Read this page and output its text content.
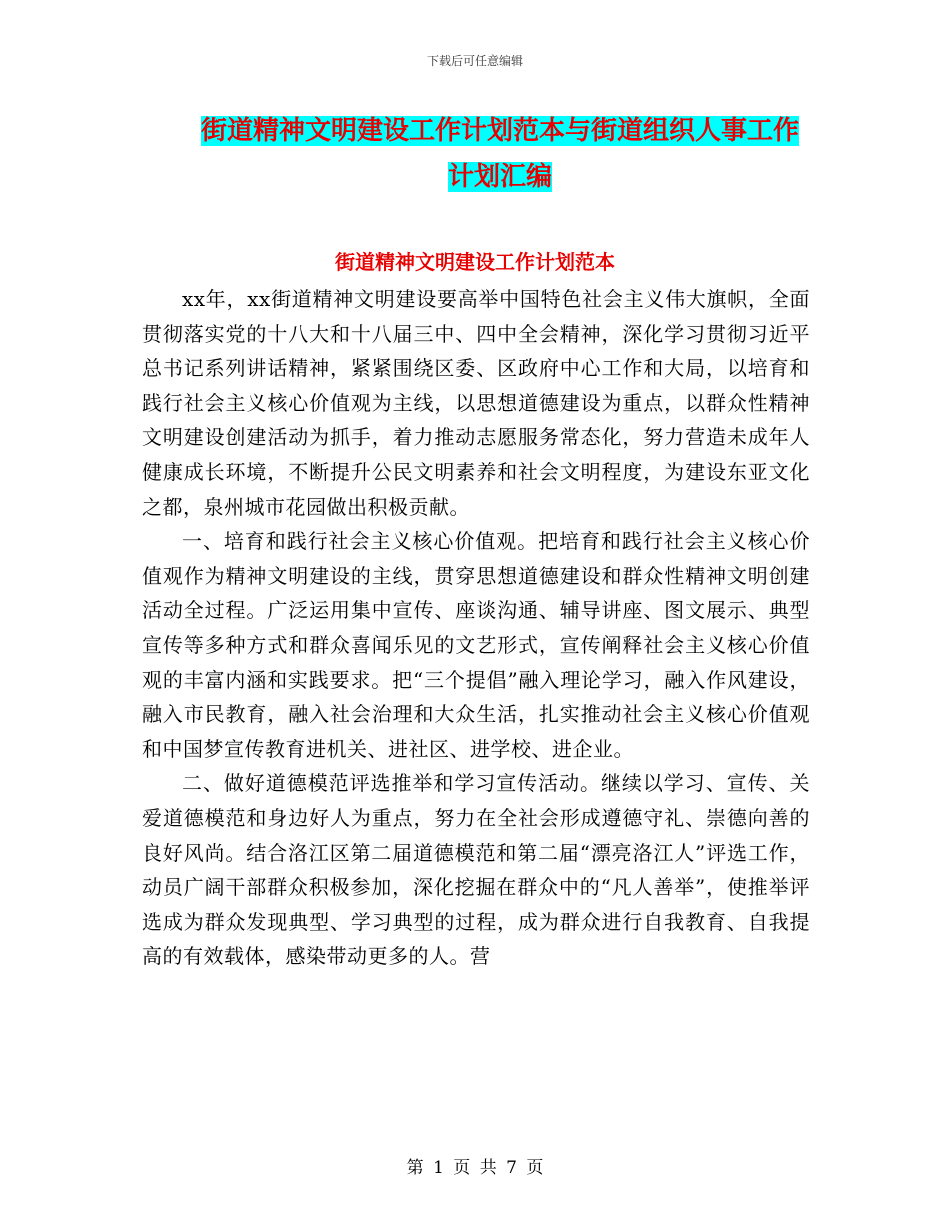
下载后可任意编辑
街道精神文明建设工作计划范本与街道组织人事工作计划汇编
街道精神文明建设工作计划范本

xx年，xx街道精神文明建设要高举中国特色社会主义伟大旗帜，全面贯彻落实党的十八大和十八届三中、四中全会精神，深化学习贯彻习近平总书记系列讲话精神，紧紧围绕区委、区政府中心工作和大局，以培育和践行社会主义核心价值观为主线，以思想道德建设为重点，以群众性精神文明建设创建活动为抓手，着力推动志愿服务常态化，努力营造未成年人健康成长环境，不断提升公民文明素养和社会文明程度，为建设东亚文化之都，泉州城市花园做出积极贡献。

一、培育和践行社会主义核心价值观。把培育和践行社会主义核心价值观作为精神文明建设的主线，贯穿思想道德建设和群众性精神文明创建活动全过程。广泛运用集中宣传、座谈沟通、辅导讲座、图文展示、典型宣传等多种方式和群众喜闻乐见的文艺形式，宣传阐释社会主义核心价值观的丰富内涵和实践要求。把“三个提倡”融入理论学习，融入作风建设，融入市民教育，融入社会治理和大众生活，扎实推动社会主义核心价值观和中国梦宣传教育进机关、进社区、进学校、进企业。

二、做好道德模范评选推举和学习宣传活动。继续以学习、宣传、关爱道德模范和身边好人为重点，努力在全社会形成遵德守礼、崇德向善的良好风尚。结合洛江区第二届道德模范和第二届“漂亮洛江人”评选工作，动员广阔干部群众积极参加，深化挖掘在群众中的“凡人善举”，使推举评选成为群众发现典型、学习典型的过程，成为群众进行自我教育、自我提高的有效载体，感染带动更多的人。营

第 1 页 共 7 页
